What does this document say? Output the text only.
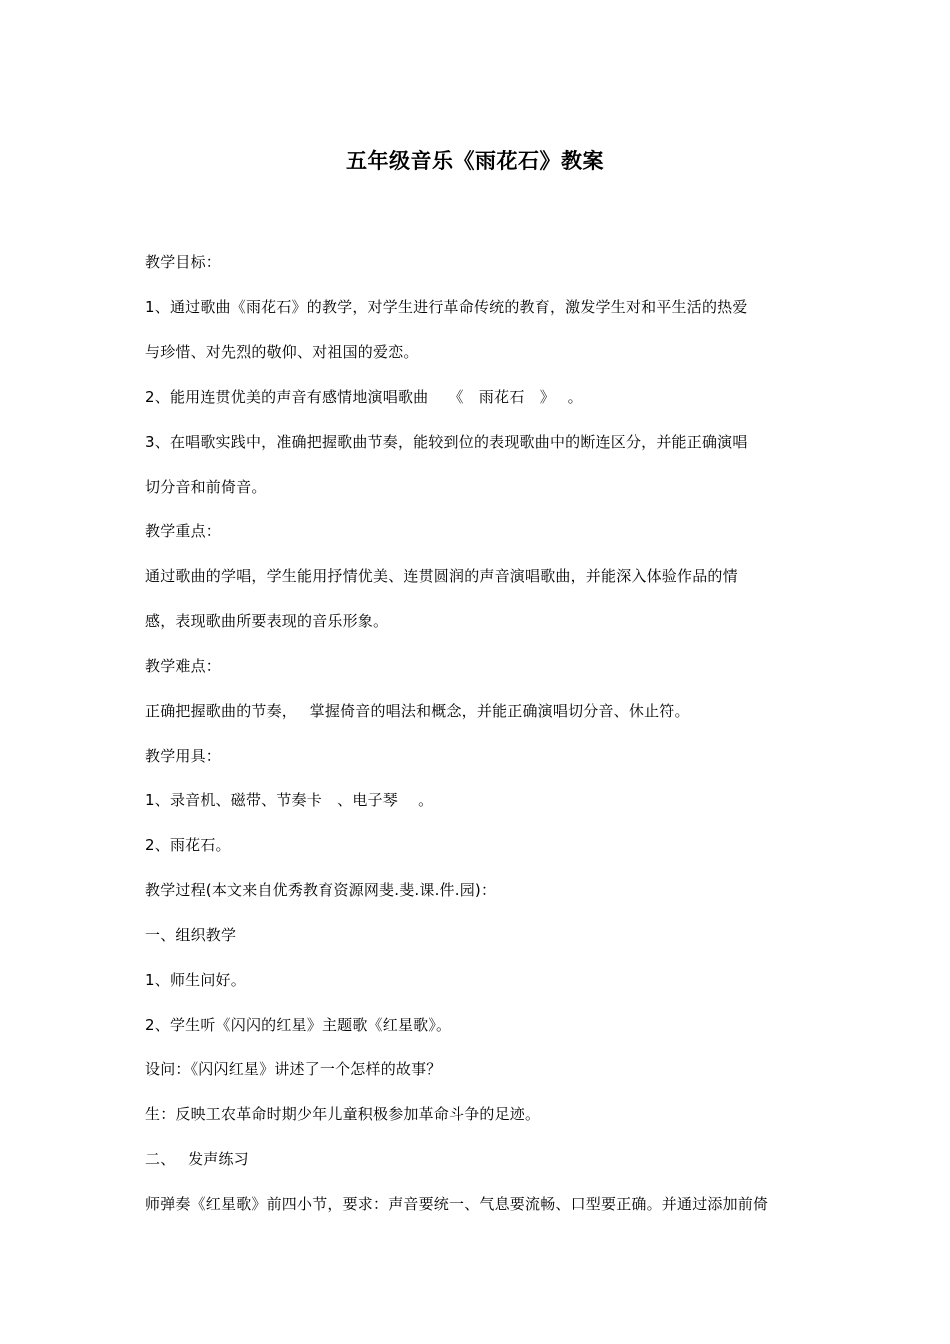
五年级音乐《雨花石》教案
教学目标：
1、通过歌曲《雨花石》的教学，对学生进行革命传统的教育，激发学生对和平生活的热爱
与珍惜、对先烈的敬仰、对祖国的爱恋。
2、能用连贯优美的声音有感情地演唱歌曲　 《　雨花石　》　 。
3、在唱歌实践中，准确把握歌曲节奏，能较到位的表现歌曲中的断连区分，并能正确演唱
切分音和前倚音。
教学重点：
通过歌曲的学唱，学生能用抒情优美、连贯圆润的声音演唱歌曲，并能深入体验作品的情
感，表现歌曲所要表现的音乐形象。
教学难点：
正确把握歌曲的节奏，　 掌握倚音的唱法和概念，并能正确演唱切分音、休止符。
教学用具：
1、录音机、磁带、节奏卡　、电子琴　 。
2、雨花石。
教学过程(本文来自优秀教育资源网斐.斐.课.件.园)：
一、组织教学
1、师生问好。
2、学生听《闪闪的红星》主题歌《红星歌》。
设问：《闪闪红星》讲述了一个怎样的故事？
生：反映工农革命时期少年儿童积极参加革命斗争的足迹。
二、　 发声练习
师弹奏《红星歌》前四小节，要求：声音要统一、气息要流畅、口型要正确。并通过添加前倚
